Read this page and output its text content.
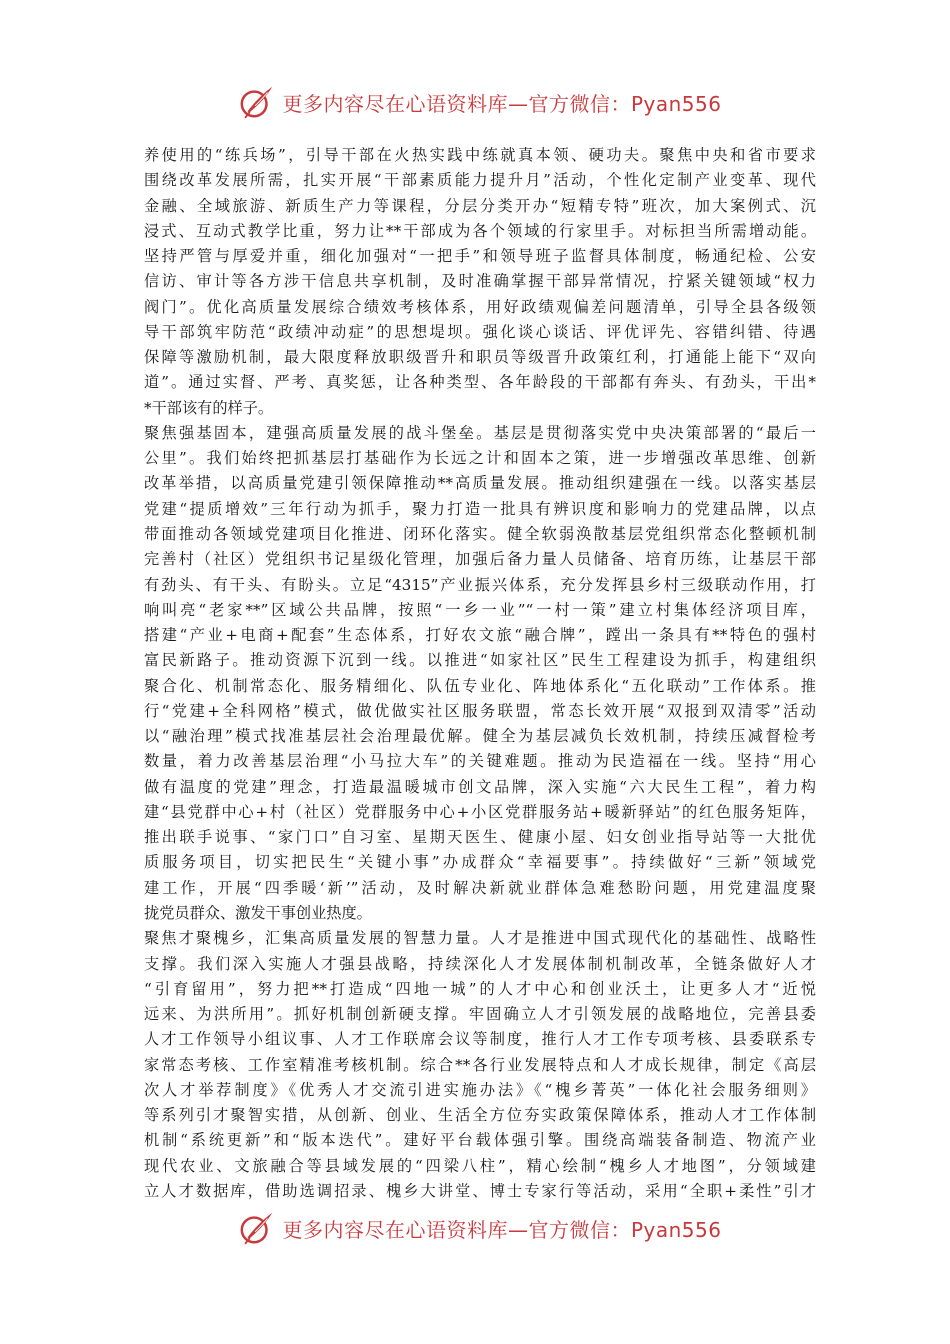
更多内容尽在心语资料库—官方微信：Pyan556
养使用的“练兵场”，引导干部在火热实践中练就真本领、硬功夫。聚焦中央和省市要求
围绕改革发展所需，扎实开展“干部素质能力提升月”活动，个性化定制产业变革、现代
金融、全域旅游、新质生产力等课程，分层分类开办“短精专特”班次，加大案例式、沉
浸式、互动式教学比重，努力让**干部成为各个领域的行家里手。对标担当所需增动能。
坚持严管与厚爱并重，细化加强对“一把手”和领导班子监督具体制度，畅通纪检、公安
信访、审计等各方涉干信息共享机制，及时准确掌握干部异常情况，拧紧关键领域“权力
阀门”。优化高质量发展综合绩效考核体系，用好政绩观偏差问题清单，引导全县各级领
导干部筑牢防范“政绩冲动症”的思想堤坝。强化谈心谈话、评优评先、容错纠错、待遇
保障等激励机制，最大限度释放职级晋升和职员等级晋升政策红利，打通能上能下“双向
道”。通过实督、严考、真奖惩，让各种类型、各年龄段的干部都有奔头、有劲头，干出*
*干部该有的样子。
聚焦强基固本，建强高质量发展的战斗堡垒。基层是贯彻落实党中央决策部署的“最后一
公里”。我们始终把抓基层打基础作为长远之计和固本之策，进一步增强改革思维、创新
改革举措，以高质量党建引领保障推动**高质量发展。推动组织建强在一线。以落实基层
党建“提质增效”三年行动为抓手，聚力打造一批具有辨识度和影响力的党建品牌，以点
带面推动各领域党建项目化推进、闭环化落实。健全软弱涣散基层党组织常态化整顿机制
完善村（社区）党组织书记星级化管理，加强后备力量人员储备、培育历练，让基层干部
有劲头、有干头、有盼头。立足“4315”产业振兴体系，充分发挥县乡村三级联动作用，打
响叫亮“老家**”区域公共品牌，按照“一乡一业”“一村一策”建立村集体经济项目库，
搭建“产业+电商+配套”生态体系，打好农文旅“融合牌”，蹚出一条具有**特色的强村
富民新路子。推动资源下沉到一线。以推进“如家社区”民生工程建设为抓手，构建组织
聚合化、机制常态化、服务精细化、队伍专业化、阵地体系化“五化联动”工作体系。推
行“党建+全科网格”模式，做优做实社区服务联盟，常态长效开展“双报到双清零”活动
以“融治理”模式找准基层社会治理最优解。健全为基层减负长效机制，持续压减督检考
数量，着力改善基层治理“小马拉大车”的关键难题。推动为民造福在一线。坚持“用心
做有温度的党建”理念，打造最温暖城市创文品牌，深入实施“六大民生工程”，着力构
建“县党群中心+村（社区）党群服务中心+小区党群服务站+暖新驿站”的红色服务矩阵，
推出联手说事、“家门口”自习室、星期天医生、健康小屋、妇女创业指导站等一大批优
质服务项目，切实把民生“关键小事”办成群众“幸福要事”。持续做好“三新”领域党
建工作，开展“四季暖‘新’”活动，及时解决新就业群体急难愁盼问题，用党建温度聚
拢党员群众、激发干事创业热度。
聚焦才聚槐乡，汇集高质量发展的智慧力量。人才是推进中国式现代化的基础性、战略性
支撑。我们深入实施人才强县战略，持续深化人才发展体制机制改革，全链条做好人才
“引育留用”，努力把**打造成“四地一城”的人才中心和创业沃土，让更多人才“近悦
远来、为洪所用”。抓好机制创新硬支撑。牢固确立人才引领发展的战略地位，完善县委
人才工作领导小组议事、人才工作联席会议等制度，推行人才工作专项考核、县委联系专
家常态考核、工作室精准考核机制。综合**各行业发展特点和人才成长规律，制定《高层
次人才举荐制度》《优秀人才交流引进实施办法》《“槐乡菁英”一体化社会服务细则》
等系列引才聚智实措，从创新、创业、生活全方位夯实政策保障体系，推动人才工作体制
机制“系统更新”和“版本迭代”。建好平台载体强引擎。围绕高端装备制造、物流产业
现代农业、文旅融合等县域发展的“四梁八柱”，精心绘制“槐乡人才地图”，分领域建
立人才数据库，借助选调招录、槐乡大讲堂、博士专家行等活动，采用“全职+柔性”引才
更多内容尽在心语资料库—官方微信：Pyan556
